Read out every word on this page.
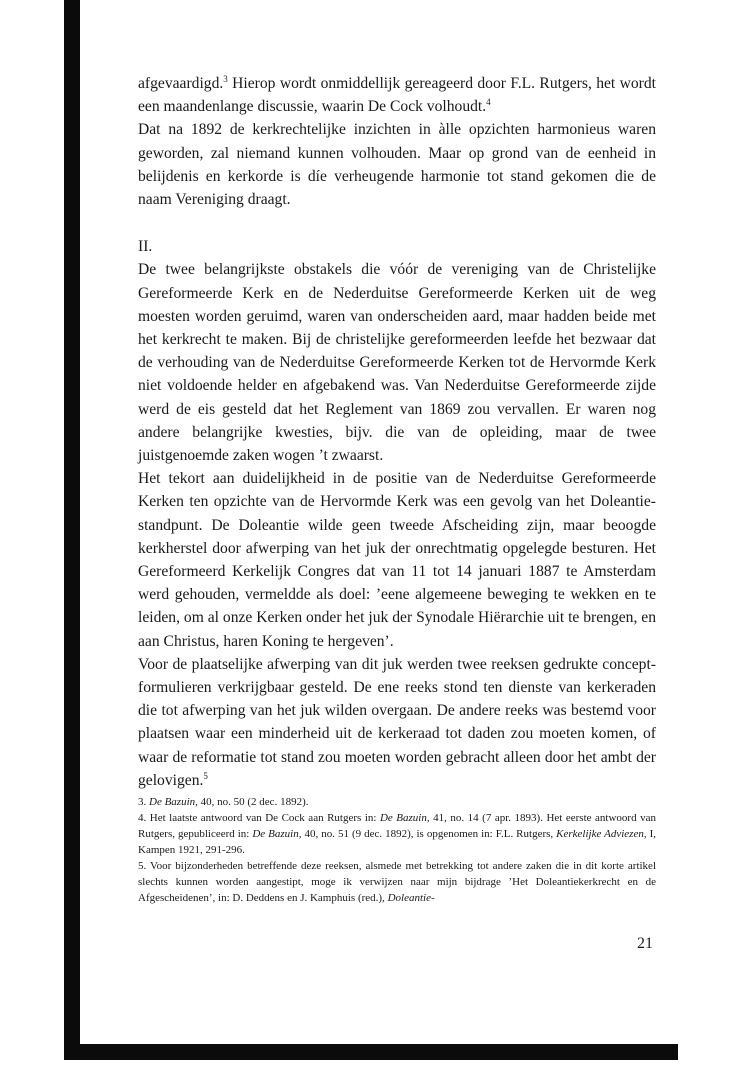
afgevaardigd.$^3$ Hierop wordt onmiddellijk gereageerd door F.L. Rutgers, het wordt een maandenlange discussie, waarin De Cock volhoudt.$^4$

Dat na 1892 de kerkrechtelijke inzichten in àlle opzichten harmonieus waren geworden, zal niemand kunnen volhouden. Maar op grond van de eenheid in belijdenis en kerkorde is díe verheugende harmonie tot stand gekomen die de naam Vereniging draagt.

II.

De twee belangrijkste obstakels die vóór de vereniging van de Christelijke Gereformeerde Kerk en de Nederduitse Gereformeerde Kerken uit de weg moesten worden geruimd, waren van onderscheiden aard, maar hadden beide met het kerkrecht te maken. Bij de christelijke gereformeerden leefde het bezwaar dat de verhouding van de Nederduitse Gereformeerde Kerken tot de Hervormde Kerk niet voldoende helder en afgebakend was. Van Nederduitse Gereformeerde zijde werd de eis gesteld dat het Reglement van 1869 zou vervallen. Er waren nog andere belangrijke kwesties, bijv. die van de opleiding, maar de twee juistgenoemde zaken wogen ’t zwaarst.

Het tekort aan duidelijkheid in de positie van de Nederduitse Gereformeerde Kerken ten opzichte van de Hervormde Kerk was een gevolg van het Doleantie-standpunt. De Doleantie wilde geen tweede Afscheiding zijn, maar beoogde kerkherstel door afwerping van het juk der onrechtmatig opgelegde besturen. Het Gereformeerd Kerkelijk Congres dat van 11 tot 14 januari 1887 te Amsterdam werd gehouden, vermeldde als doel: ’eene algemeene beweging te wekken en te leiden, om al onze Kerken onder het juk der Synodale Hiërarchie uit te brengen, en aan Christus, haren Koning te hergeven’.

Voor de plaatselijke afwerping van dit juk werden twee reeksen gedrukte concept-formulieren verkrijgbaar gesteld. De ene reeks stond ten dienste van kerkeraden die tot afwerping van het juk wilden overgaan. De andere reeks was bestemd voor plaatsen waar een minderheid uit de kerkeraad tot daden zou moeten komen, of waar de reformatie tot stand zou moeten worden gebracht alleen door het ambt der gelovigen.$^5$

3. De Bazuin, 40, no. 50 (2 dec. 1892).

4. Het laatste antwoord van De Cock aan Rutgers in: De Bazuin, 41, no. 14 (7 apr. 1893). Het eerste antwoord van Rutgers, gepubliceerd in: De Bazuin, 40, no. 51 (9 dec. 1892), is opgenomen in: F.L. Rutgers, Kerkelijke Adviezen, I, Kampen 1921, 291-296.

5. Voor bijzonderheden betreffende deze reeksen, alsmede met betrekking tot andere zaken die in dit korte artikel slechts kunnen worden aangestipt, moge ik verwijzen naar mijn bijdrage ’Het Doleantiekerkrecht en de Afgescheidenen’, in: D. Deddens en J. Kamphuis (red.), Doleantie-

21
